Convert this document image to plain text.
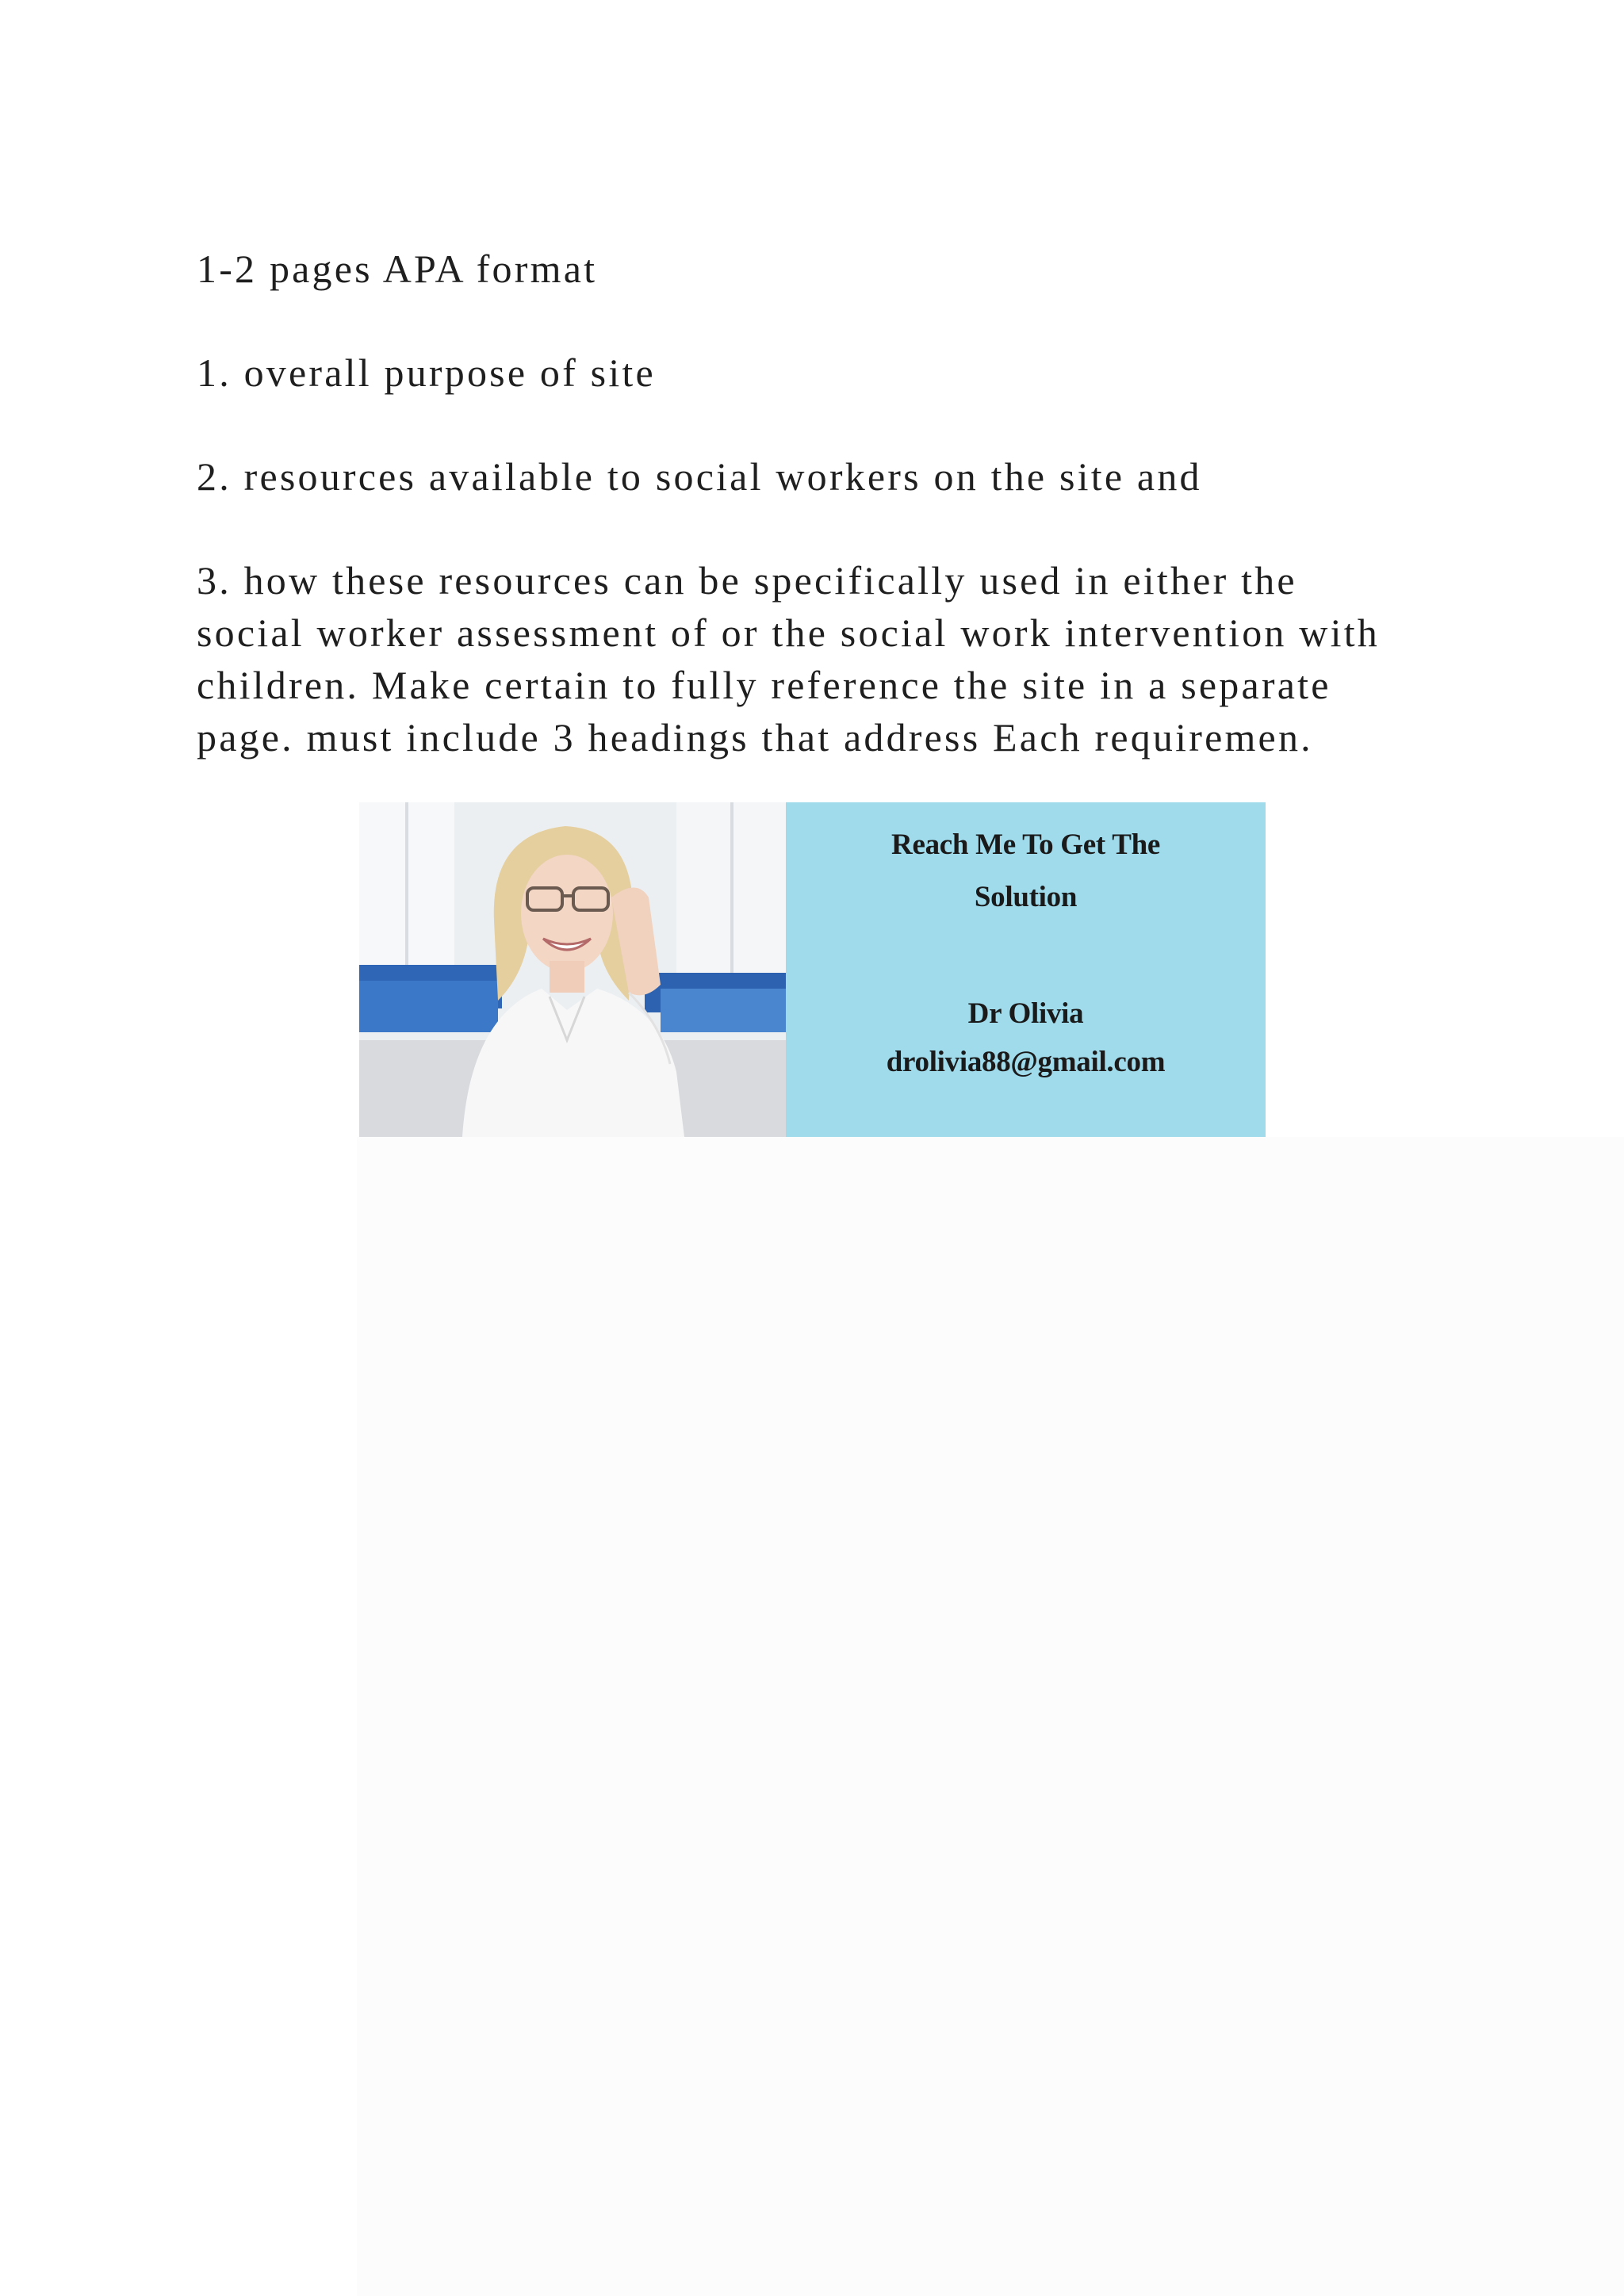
1-2 pages APA format

1. overall purpose of site

2. resources available to social workers on the site and

3. how these resources can be specifically used in either the
social worker assessment of or the social work intervention with
children. Make certain to fully reference the site in a separate
page. must include 3 headings that address Each requiremen.
Reach Me To Get The
Solution
Dr Olivia
drolivia88@gmail.com
